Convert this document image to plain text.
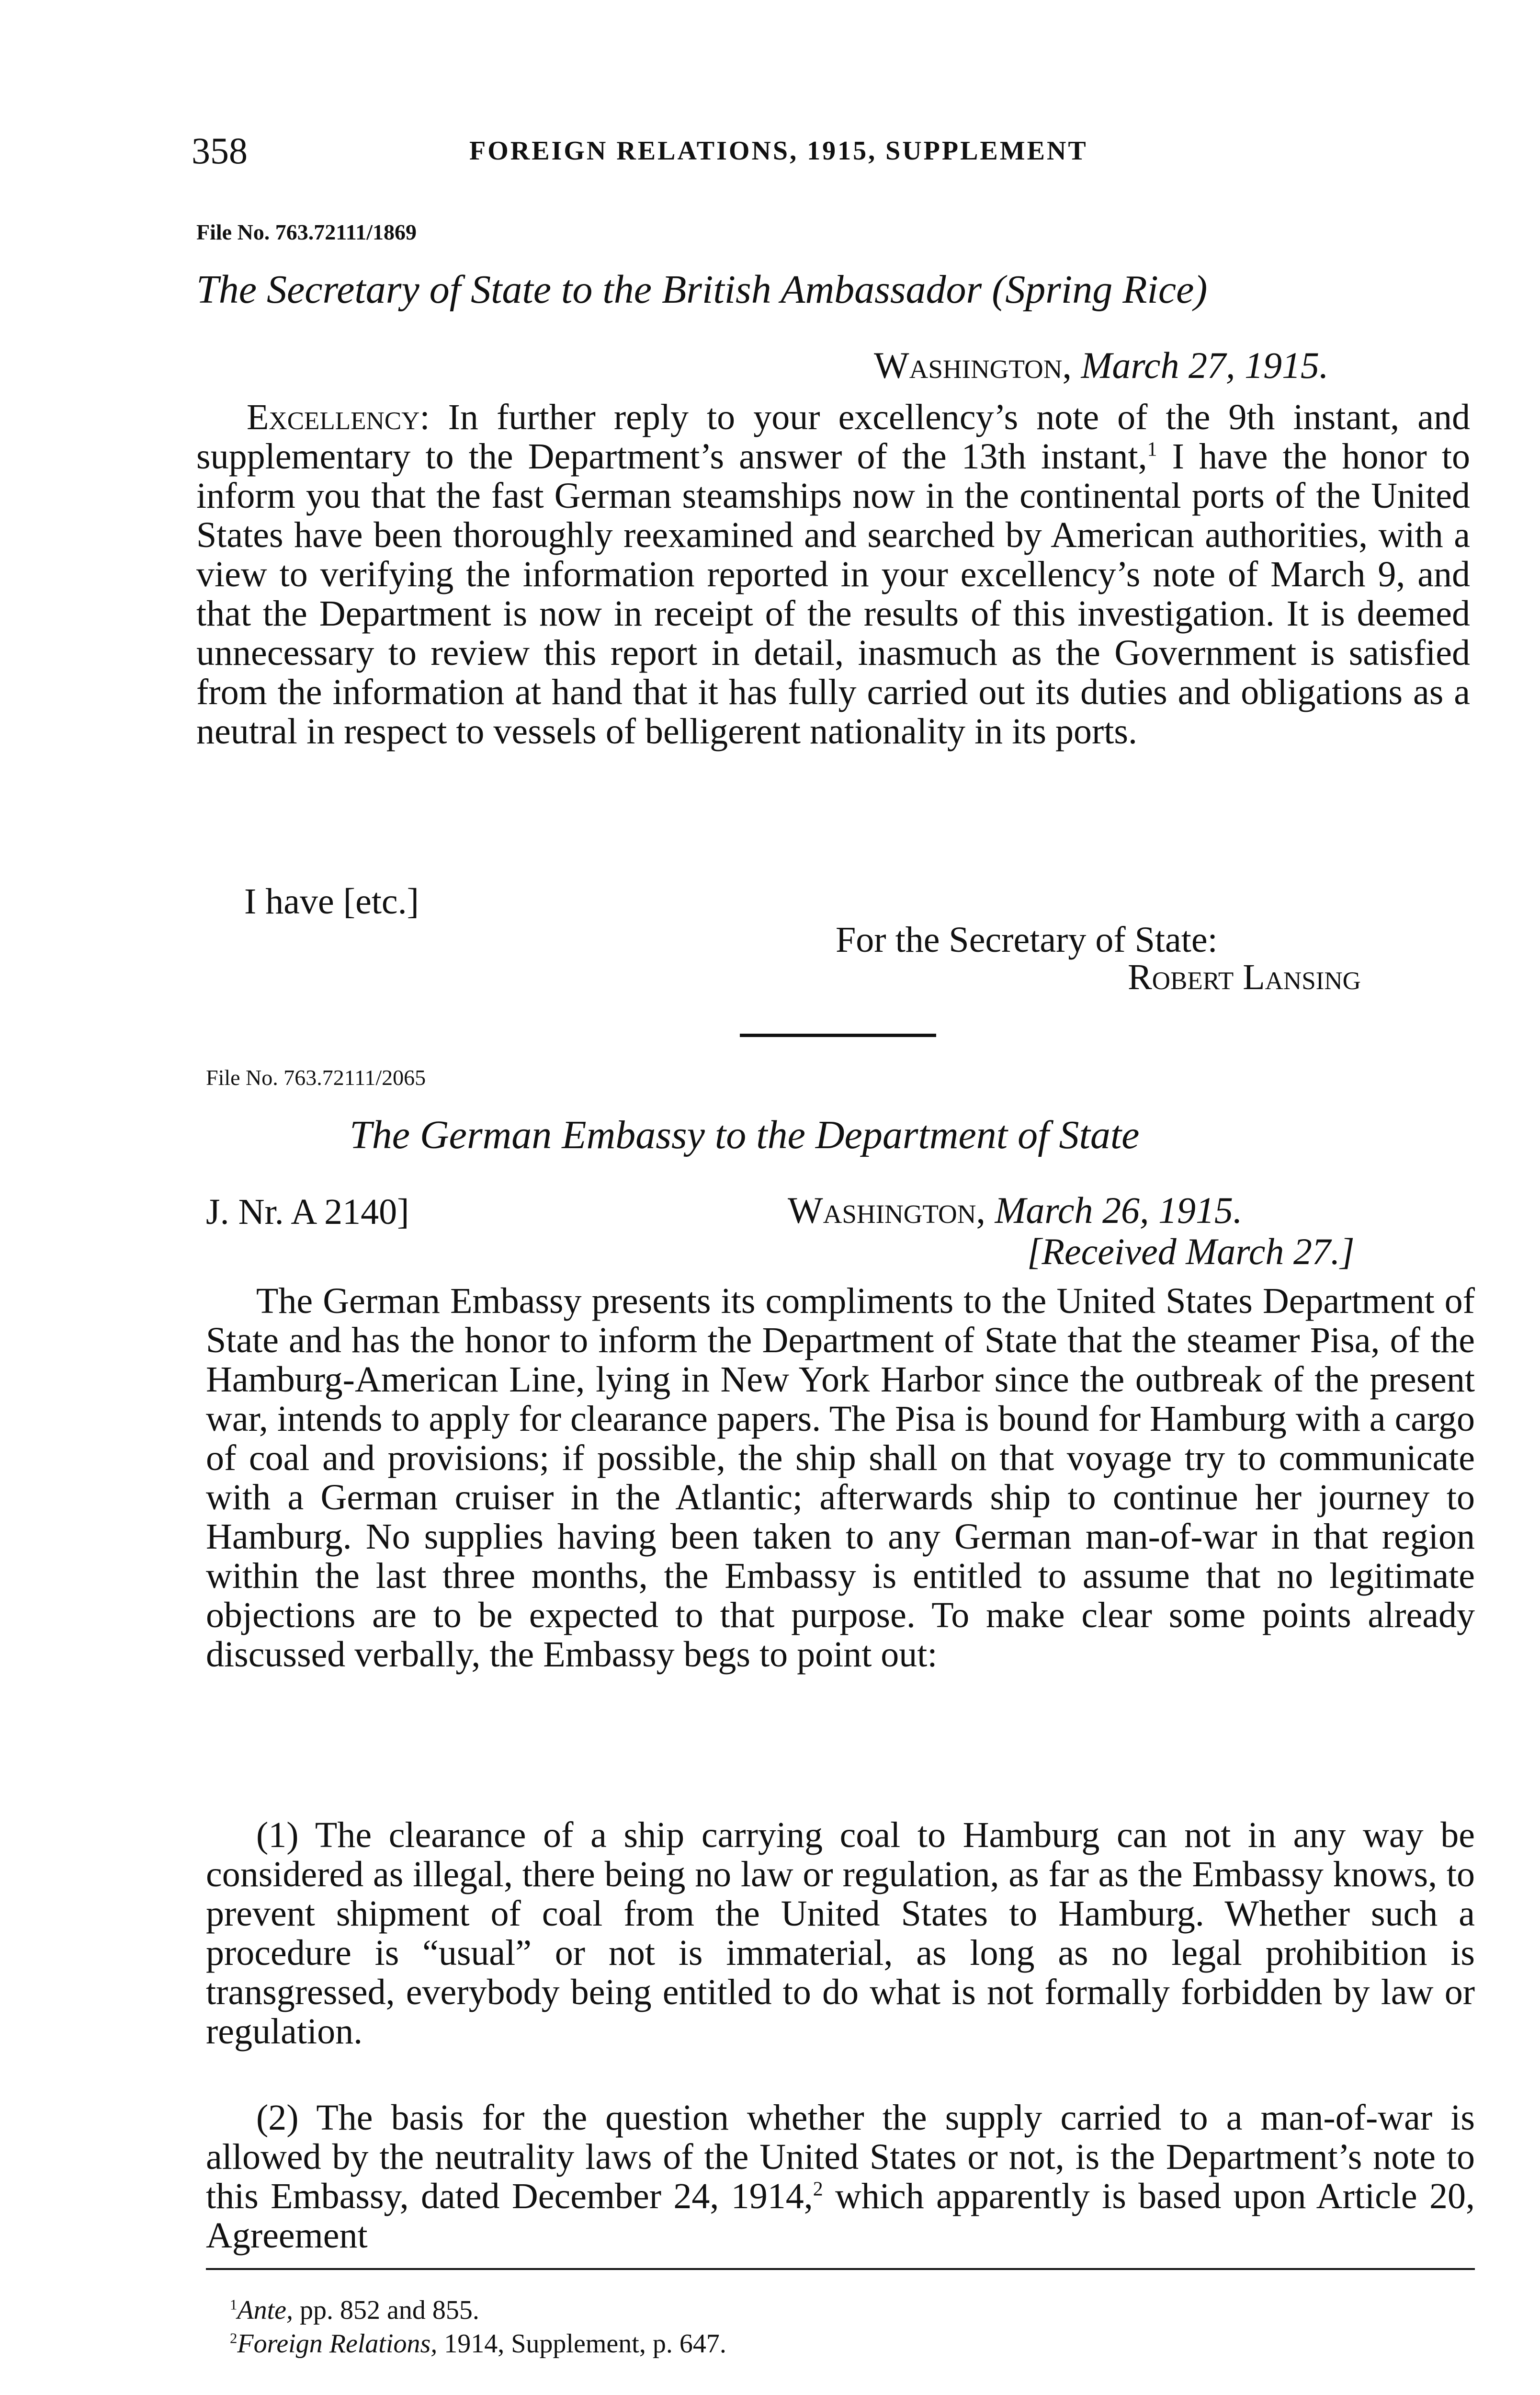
358	FOREIGN RELATIONS, 1915, SUPPLEMENT
File No. 763.72111/1869
The Secretary of State to the British Ambassador (Spring Rice)
Washington, March 27, 1915.

Excellency: In further reply to your excellency’s note of the 9th instant, and supplementary to the Department’s answer of the 13th instant,$^1$ I have the honor to inform you that the fast German steamships now in the continental ports of the United States have been thoroughly reexamined and searched by American authorities, with a view to verifying the information reported in your excellency’s note of March 9, and that the Department is now in receipt of the results of this investigation. It is deemed unnecessary to review this report in detail, inasmuch as the Government is satisfied from the information at hand that it has fully carried out its duties and obligations as a neutral in respect to vessels of belligerent nationality in its ports.

I have [etc.]
For the Secretary of State:
Robert Lansing
File No. 763.72111/2065
The German Embassy to the Department of State
J. Nr. A 2140]	Washington, March 26, 1915.
[Received March 27.]

The German Embassy presents its compliments to the United States Department of State and has the honor to inform the Department of State that the steamer Pisa, of the Hamburg-American Line, lying in New York Harbor since the outbreak of the present war, intends to apply for clearance papers. The Pisa is bound for Hamburg with a cargo of coal and provisions; if possible, the ship shall on that voyage try to communicate with a German cruiser in the Atlantic; afterwards ship to continue her journey to Hamburg. No supplies having been taken to any German man-of-war in that region within the last three months, the Embassy is entitled to assume that no legitimate objections are to be expected to that purpose. To make clear some points already discussed verbally, the Embassy begs to point out:

(1) The clearance of a ship carrying coal to Hamburg can not in any way be considered as illegal, there being no law or regulation, as far as the Embassy knows, to prevent shipment of coal from the United States to Hamburg. Whether such a procedure is “usual” or not is immaterial, as long as no legal prohibition is transgressed, everybody being entitled to do what is not formally forbidden by law or regulation.

(2) The basis for the question whether the supply carried to a man-of-war is allowed by the neutrality laws of the United States or not, is the Department’s note to this Embassy, dated December 24, 1914,$^2$ which apparently is based upon Article 20, Agreement

$^1$Ante, pp. 852 and 855.
$^2$Foreign Relations, 1914, Supplement, p. 647.
